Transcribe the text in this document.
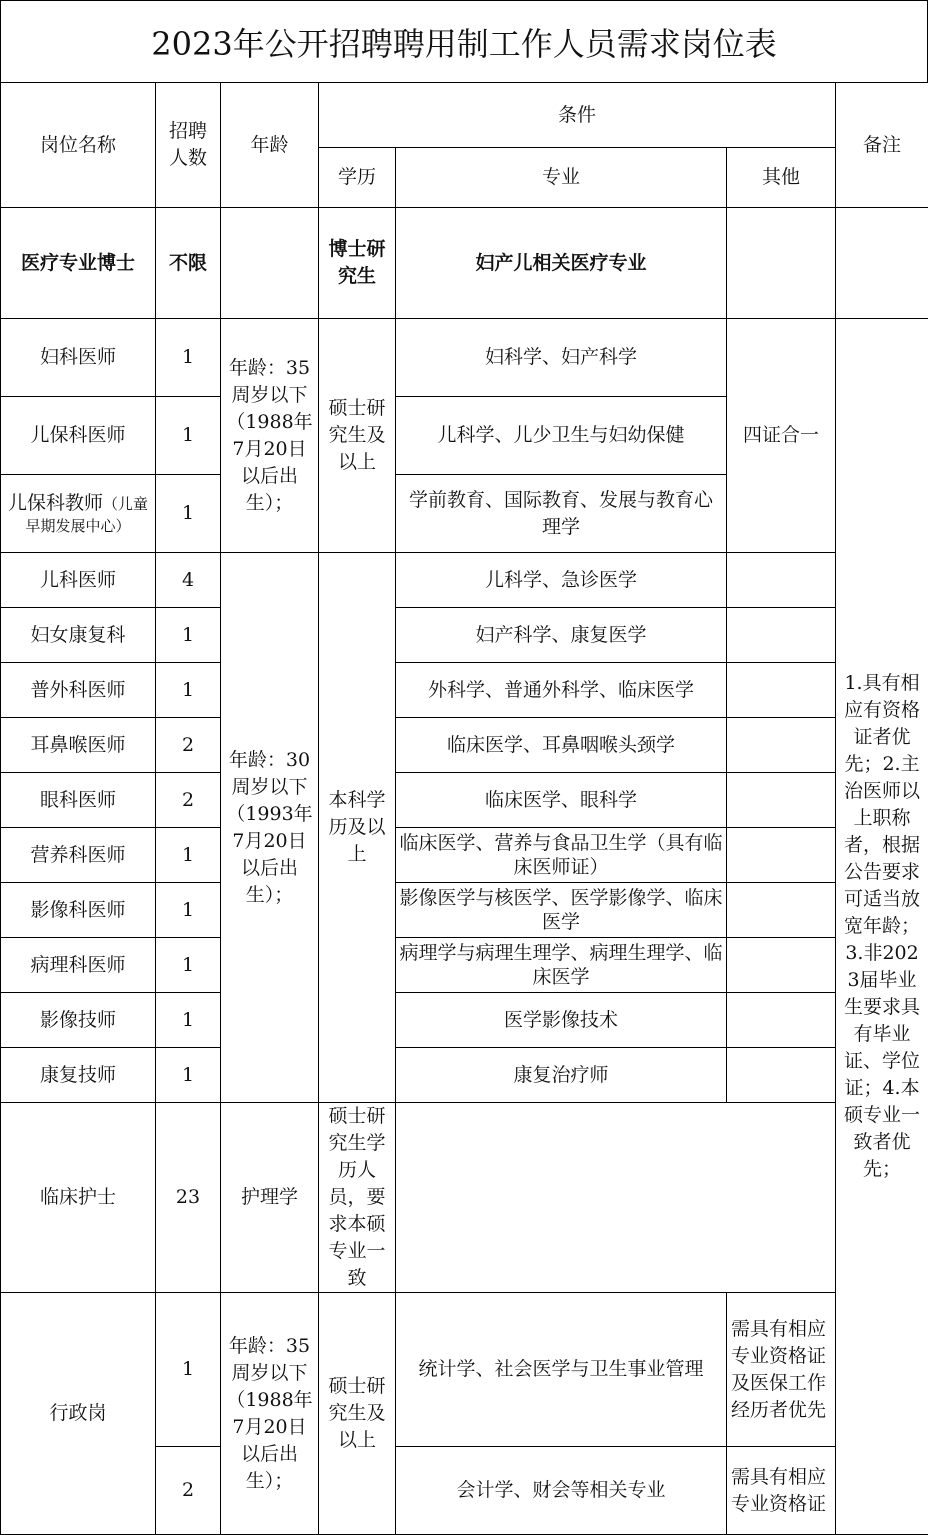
2023年公开招聘聘用制工作人员需求岗位表
岗位名称	招聘人数	年龄	条件			备注
			学历	专业	其他	
医疗专业博士	不限		博士研究生	妇产儿相关医疗专业		
妇科医师	1	年龄：35周岁以下（1988年7月20日以后出生）；	硕士研究生及以上	妇科学、妇产科学	四证合一	1.具有相应有资格证者优先；2.主治医师以上职称者，根据公告要求可适当放宽年龄；3.非2023届毕业生要求具有毕业证、学位证；4.本硕专业一致者优先；
儿保科医师	1			儿科学、儿少卫生与妇幼保健		
儿保科教师（儿童早期发展中心）	1			学前教育、国际教育、发展与教育心理学		
儿科医师	4	年龄：30周岁以下（1993年7月20日以后出生）；	本科学历及以上	儿科学、急诊医学		
妇女康复科	1			妇产科学、康复医学		
普外科医师	1			外科学、普通外科学、临床医学		
耳鼻喉医师	2			临床医学、耳鼻咽喉头颈学		
眼科医师	2			临床医学、眼科学		
营养科医师	1			临床医学、营养与食品卫生学（具有临床医师证）		
影像科医师	1			影像医学与核医学、医学影像学、临床医学		
病理科医师	1			病理学与病理生理学、病理生理学、临床医学		
影像技师	1			医学影像技术		
康复技师	1			康复治疗师		
临床护士	23	护理学	硕士研究生学历人员，要求本硕专业一致			
行政岗	1	年龄：35周岁以下（1988年7月20日以后出生）；	硕士研究生及以上	统计学、社会医学与卫生事业管理	需具有相应专业资格证及医保工作经历者优先	
	2			会计学、财会等相关专业	需具有相应专业资格证	
